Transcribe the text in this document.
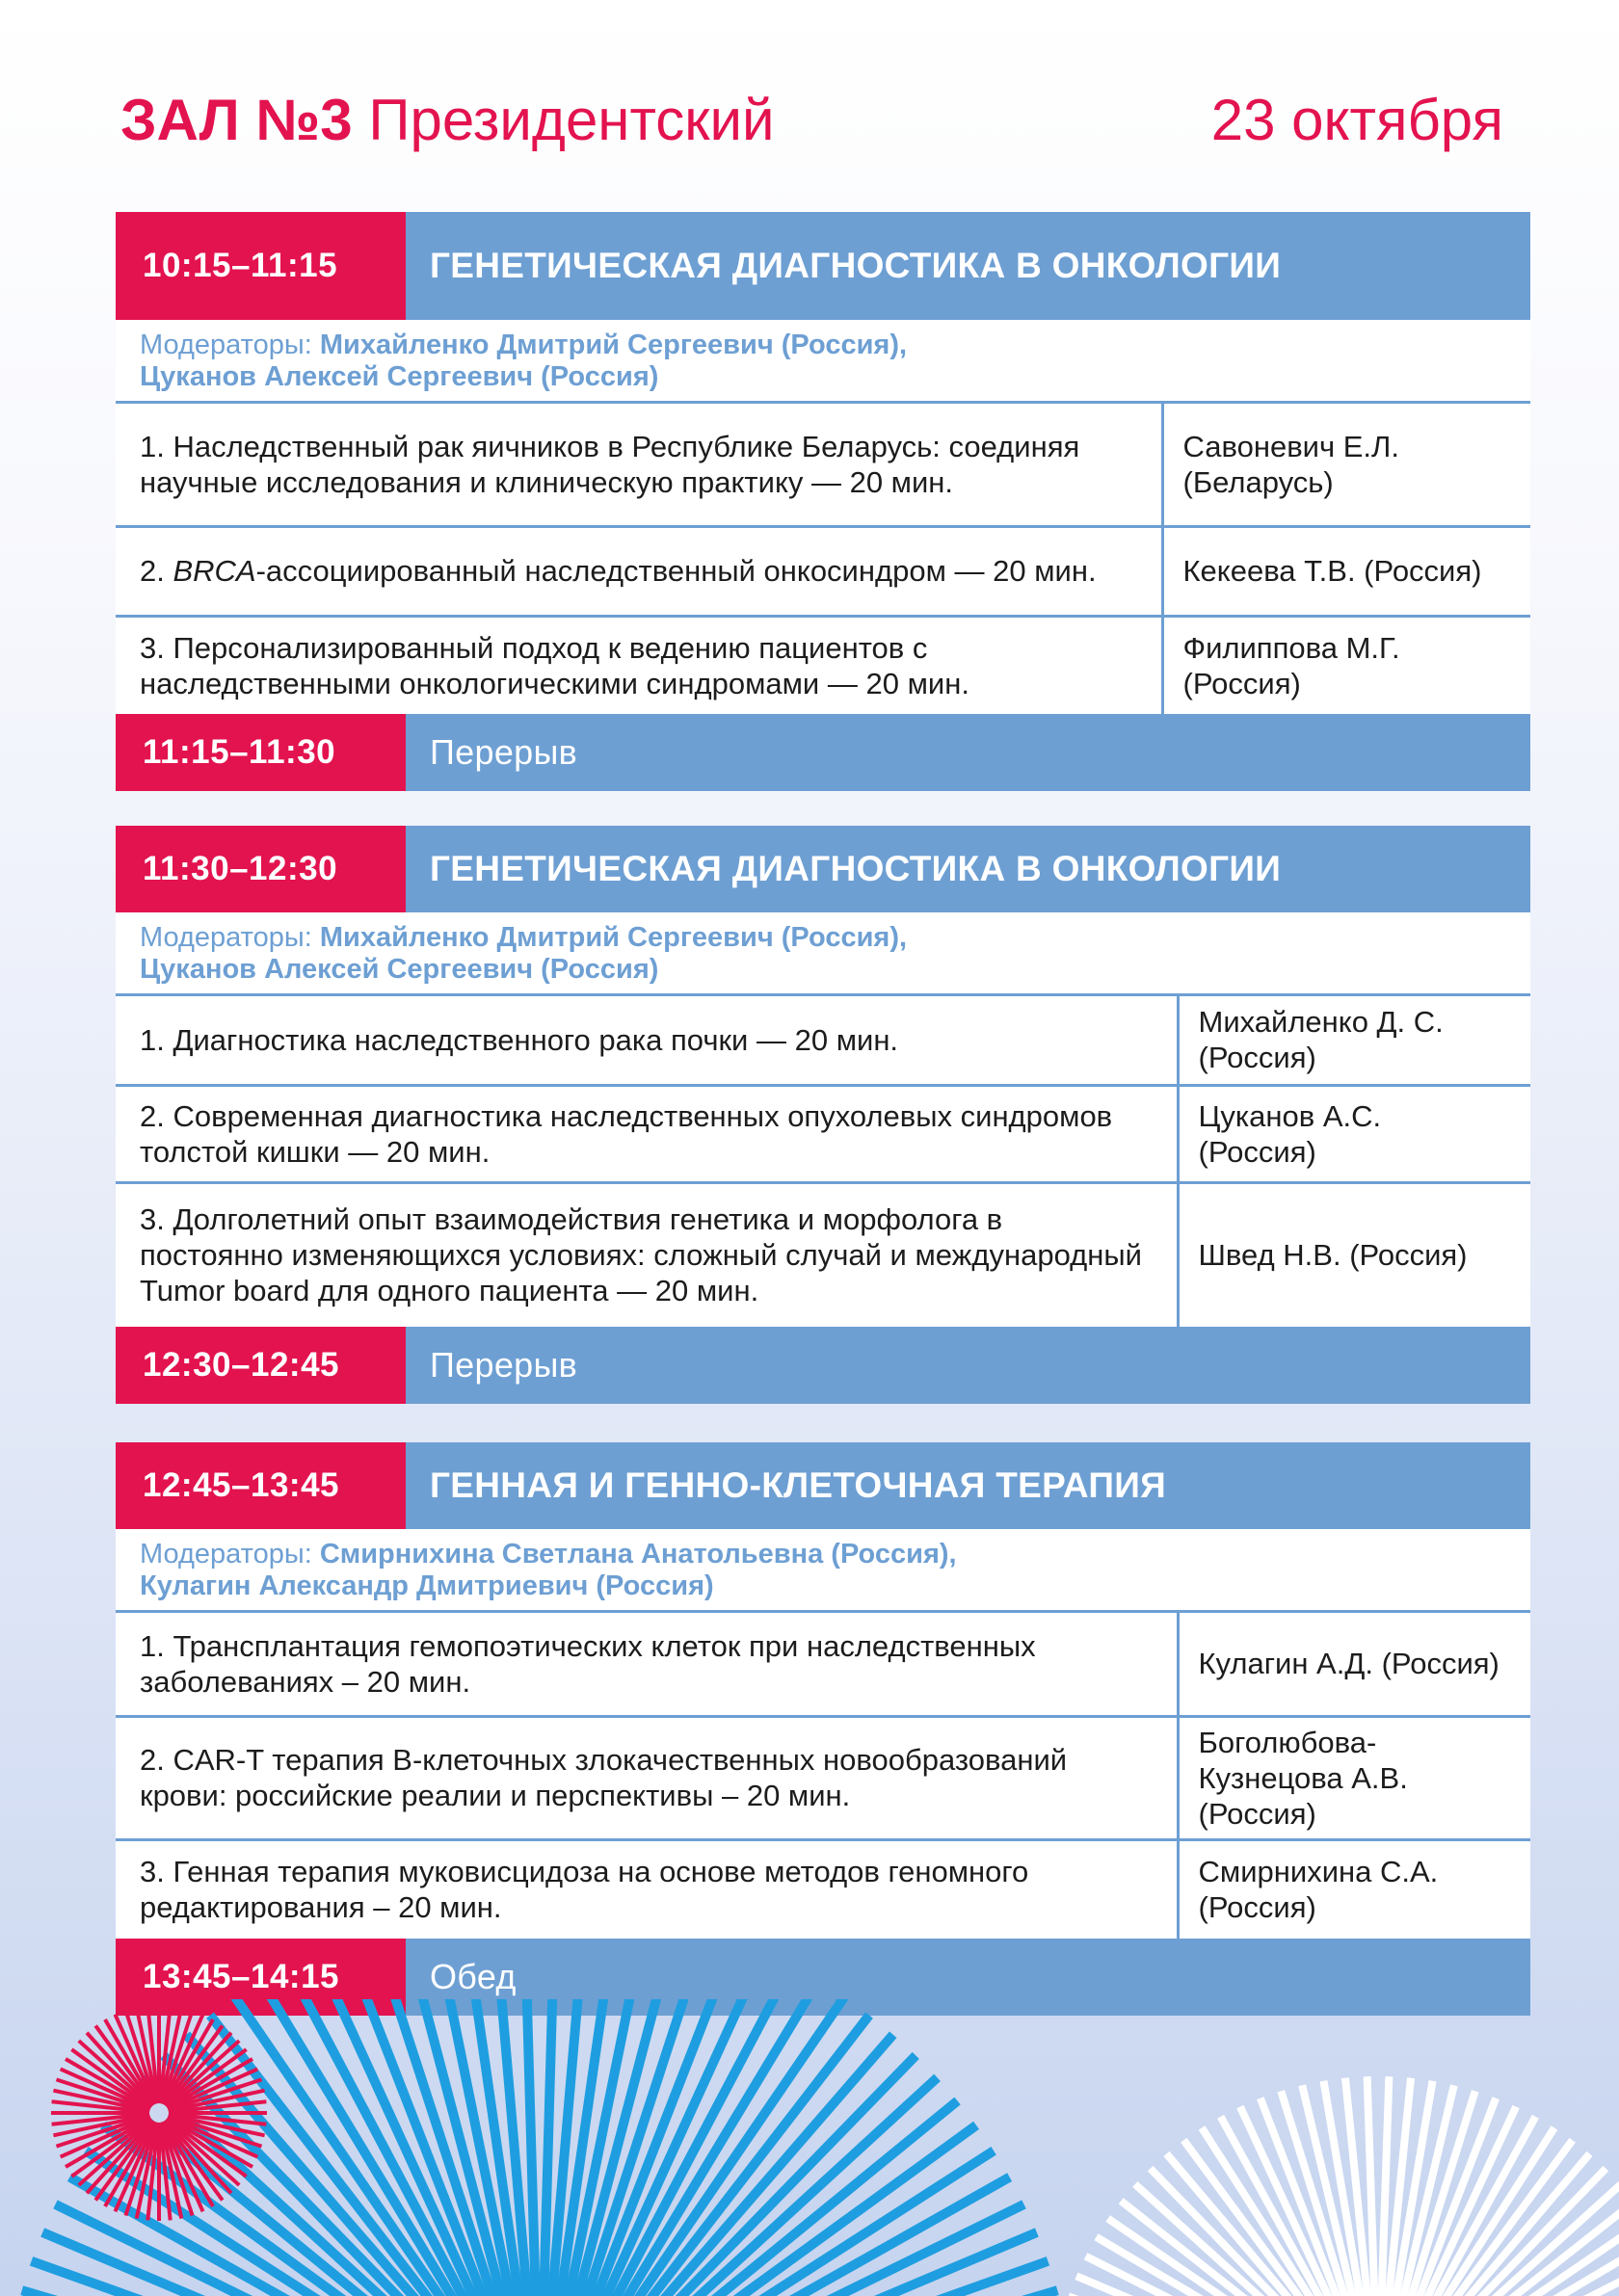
ЗАЛ №3 Президентский	23 октября
10:15–11:15	ГЕНЕТИЧЕСКАЯ ДИАГНОСТИКА В ОНКОЛОГИИ
Модераторы: Михайленко Дмитрий Сергеевич (Россия),
Цуканов Алексей Сергеевич (Россия)
1. Наследственный рак яичников в Республике Беларусь: соединяя научные исследования и клиническую практику — 20 мин.	Савоневич Е.Л. (Беларусь)
2. BRCA-ассоциированный наследственный онкосиндром — 20 мин.	Кекеева Т.В. (Россия)
3. Персонализированный подход к ведению пациентов с наследственными онкологическими синдромами — 20 мин.	Филиппова М.Г. (Россия)
11:15–11:30	Перерыв
11:30–12:30	ГЕНЕТИЧЕСКАЯ ДИАГНОСТИКА В ОНКОЛОГИИ
Модераторы: Михайленко Дмитрий Сергеевич (Россия),
Цуканов Алексей Сергеевич (Россия)
1. Диагностика наследственного рака почки — 20 мин.	Михайленко Д. С. (Россия)
2. Современная диагностика наследственных опухолевых синдромов толстой кишки — 20 мин.	Цуканов А.С. (Россия)
3. Долголетний опыт взаимодействия генетика и морфолога в постоянно изменяющихся условиях: сложный случай и международный Tumor board для одного пациента — 20 мин.	Швед Н.В. (Россия)
12:30–12:45	Перерыв
12:45–13:45	ГЕННАЯ И ГЕННО-КЛЕТОЧНАЯ ТЕРАПИЯ
Модераторы: Смирнихина Светлана Анатольевна (Россия),
Кулагин Александр Дмитриевич (Россия)
1. Трансплантация гемопоэтических клеток при наследственных заболеваниях – 20 мин.	Кулагин А.Д. (Россия)
2. CAR-T терапия В-клеточных злокачественных новообразований крови: российские реалии и перспективы – 20 мин.	Боголюбова-Кузнецова А.В. (Россия)
3. Генная терапия муковисцидоза на основе методов геномного редактирования – 20 мин.	Смирнихина С.А. (Россия)
13:45–14:15	Обед
